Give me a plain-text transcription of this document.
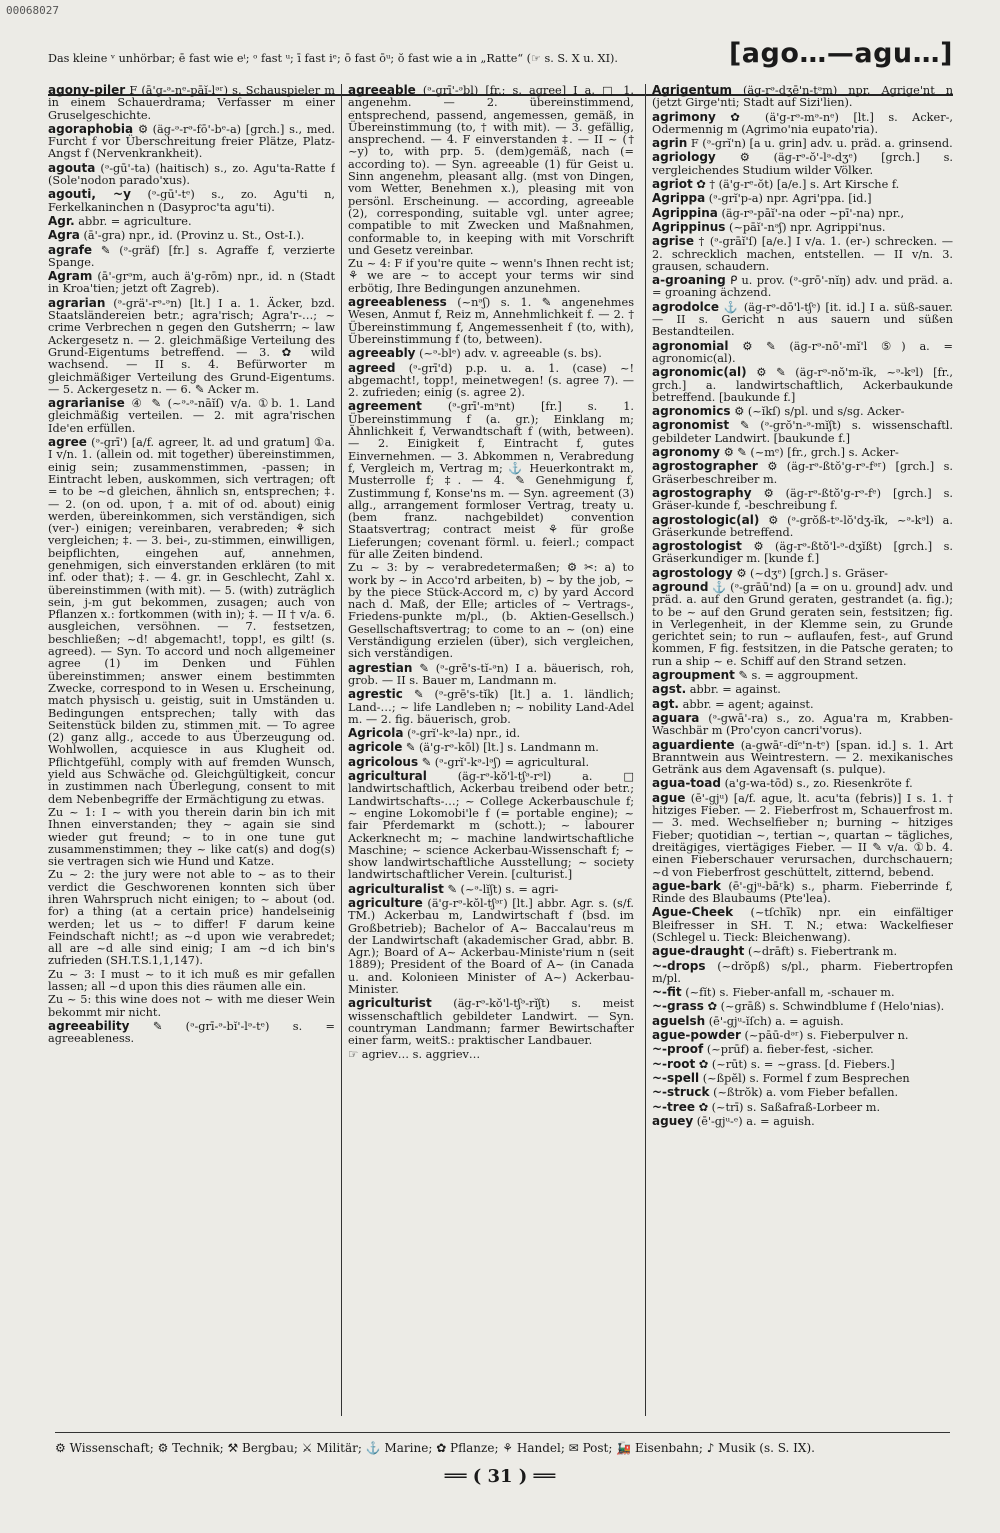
00068027
Das kleine ᵛ unhörbar; ē fast wie eⁱ; ᵒ fast ᵘ; ī fast iᵉ; ō fast ōᵘ; ŏ fast wie a in „Ratte“ (☞ s. S. X u. XI).	[ago…—agu…]
agony-piler F (ā'g-ᵊ-nᵉ-pāĭ-lᵊʳ) s. Schauspieler m in einem Schauerdrama; Verfasser m einer Gruselgeschichte.
agoraphobia ⚙ (äg-ᵊ-rᵊ-fō'-bᵉ-a) [grch.] s., med. Furcht f vor Überschreitung freier Plätze, Platz-Angst f (Nervenkrankheit).
agouta (ᵊ-gū'-ta) (haitisch) s., zo. Agu'ta-Ratte f (Sole'nodon parado'xus).
agouti, ~y (ᵊ-gū'-tᵉ) s., zo. Agu'ti n, Ferkelkaninchen n (Dasyproc'ta agu'ti).
Agr. abbr. = agriculture.
Agra (ā'-gra) npr., id. (Provinz u. St., Ost-I.).
agrafe ✎ (ᵊ-gräf) [fr.] s. Agraffe f, verzierte Spange.
Agram (ā'-grᵊm, auch ä'g-rōm) npr., id. n (Stadt in Kroa'tien; jetzt oft Zagreb).
agrarian (ᵊ-grä'-rᵊ-ᵊn) [lt.] I a. 1. Äcker, bzd. Staatsländereien betr.; agra'risch; Agra'r-…; ~ crime Verbrechen n gegen den Gutsherrn; ~ law Ackergesetz n. — 2. gleichmäßige Verteilung des Grund-Eigentums betreffend. — 3. ✿ wild wachsend. — II s. 4. Befürworter m gleichmäßiger Verteilung des Grund-Eigentums. — 5. Ackergesetz n. — 6. ✎ Acker m.
agrarianise ④ ✎ (~ᵊ-ᵊ-nāĭſ) v/a. ①b. 1. Land gleichmäßig verteilen. — 2. mit agra'rischen Ide'en erfüllen.
agree (ᵊ-grī') [a/f. agreer, lt. ad und gratum] ①a. I v/n. 1. (allein od. mit together) übereinstimmen, einig sein; zusammenstimmen, -passen; in Eintracht leben, auskommen, sich vertragen; oft = to be ~d gleichen, ähnlich sn, entsprechen; ‡. — 2. (on od. upon, † a. mit of od. about) einig werden, übereinkommen, sich verständigen, sich (ver-) einigen; vereinbaren, verabreden; ⚘ sich vergleichen; ‡. — 3. bei-, zu-stimmen, einwilligen, beipflichten, eingehen auf, annehmen, genehmigen, sich einverstanden erklären (to mit inf. oder that); ‡. — 4. gr. in Geschlecht, Zahl x. übereinstimmen (with mit). — 5. (with) zuträglich sein, j-m gut bekommen, zusagen; auch von Pflanzen x.: fortkommen (with in); ‡. — II † v/a. 6. ausgleichen, versöhnen. — 7. festsetzen, beschließen; ~d! abgemacht!, topp!, es gilt! (s. agreed). — Syn. To accord und noch allgemeiner agree (1) im Denken und Fühlen übereinstimmen; answer einem bestimmten Zwecke, correspond to in Wesen u. Erscheinung, match physisch u. geistig, suit in Umständen u. Bedingungen entsprechen; tally with das Seitenstück bilden zu, stimmen mit. — To agree (2) ganz allg., accede to aus Überzeugung od. Wohlwollen, acquiesce in aus Klugheit od. Pflichtgefühl, comply with auf fremden Wunsch, yield aus Schwäche od. Gleichgültigkeit, concur in zustimmen nach Überlegung, consent to mit dem Nebenbegriffe der Ermächtigung zu etwas.
Zu ~ 1: I ~ with you therein darin bin ich mit Ihnen einverstanden; they ~ again sie sind wieder gut freund; ~ to in one tune gut zusammenstimmen; they ~ like cat(s) and dog(s) sie vertragen sich wie Hund und Katze.
Zu ~ 2: the jury were not able to ~ as to their verdict die Geschworenen konnten sich über ihren Wahrspruch nicht einigen; to ~ about (od. for) a thing (at a certain price) handelseinig werden; let us ~ to differ! F darum keine Feindschaft nicht!; as ~d upon wie verabredet; all are ~d alle sind einig; I am ~d ich bin's zufrieden (SH.T.S.1,1,147).
Zu ~ 3: I must ~ to it ich muß es mir gefallen lassen; all ~d upon this dies räumen alle ein.
Zu ~ 5: this wine does not ~ with me dieser Wein bekommt mir nicht.
agreeability ✎ (ᵊ-grī-ᵊ-bĭ'-lᵊ-tᵉ) s. = agreeableness.
agreeable (ᵊ-grī'-ᵊbl) [fr.; s. agree] I a. □ 1. angenehm. — 2. übereinstimmend, entsprechend, passend, angemessen, gemäß, in Übereinstimmung (to, † with mit). — 3. gefällig, ansprechend. — 4. F einverstanden ‡. — II ~ († ~y) to, with prp. 5. (dem)gemäß, nach (= according to). — Syn. agreeable (1) für Geist u. Sinn angenehm, pleasant allg. (mst von Dingen, vom Wetter, Benehmen x.), pleasing mit von persönl. Erscheinung. — according, agreeable (2), corresponding, suitable vgl. unter agree; compatible to mit Zwecken und Maßnahmen, conformable to, in keeping with mit Vorschrift und Gesetz vereinbar.
Zu ~ 4: F if you're quite ~ wenn's Ihnen recht ist; ⚘ we are ~ to accept your terms wir sind erbötig, Ihre Bedingungen anzunehmen.
agreeableness (~nᵊʃ) s. 1. ✎ angenehmes Wesen, Anmut f, Reiz m, Annehmlichkeit f. — 2. † Übereinstimmung f, Angemessenheit f (to, with), Übereinstimmung f (to, between).
agreeably (~ᵊ-blᵉ) adv. v. agreeable (s. bs).
agreed (ᵊ-grī'd) p.p. u. a. 1. (case) ~! abgemacht!, topp!, meinetwegen! (s. agree 7). — 2. zufrieden; einig (s. agree 2).
agreement (ᵊ-grī'-mᵊnt) [fr.] s. 1. Übereinstimmung f (a. gr.); Einklang m; Ähnlichkeit f, Verwandtschaft f (with, between). — 2. Einigkeit f, Eintracht f, gutes Einvernehmen. — 3. Abkommen n, Verabredung f, Vergleich m, Vertrag m; ⚓ Heuerkontrakt m, Musterrolle f; ‡. — 4. ✎ Genehmigung f, Zustimmung f, Konse'ns m. — Syn. agreement (3) allg., arrangement formloser Vertrag, treaty u. (bem franz. nachgebildet) convention Staatsvertrag; contract meist ⚘ für große Lieferungen; covenant förml. u. feierl.; compact für alle Zeiten bindend.
Zu ~ 3: by ~ verabredetermaßen; ⚙ ✂: a) to work by ~ in Acco'rd arbeiten, b) ~ by the job, ~ by the piece Stück-Accord m, c) by yard Accord nach d. Maß, der Elle; articles of ~ Vertrags-, Friedens-punkte m/pl., (b. Aktien-Gesellsch.) Gesellschaftsvertrag; to come to an ~ (on) eine Verständigung erzielen (über), sich vergleichen, sich verständigen.
agrestian ✎ (ᵊ-grē's-tĭ-ᵊn) I a. bäuerisch, roh, grob. — II s. Bauer m, Landmann m.
agrestic ✎ (ᵊ-grē's-tĭk) [lt.] a. 1. ländlich; Land-…; ~ life Landleben n; ~ nobility Land-Adel m. — 2. fig. bäuerisch, grob.
Agricola (ᵊ-grĭ'-kᵊ-la) npr., id.
agricole ✎ (ä'g-rᵊ-kōl) [lt.] s. Landmann m.
agricolous ✎ (ᵊ-grĭ'-kᵊ-lᵊʃ) = agricultural.
agricultural	(äg-rᵊ-kŏ'l-tʃᵊ-rᵊl) a. □ landwirtschaftlich, Ackerbau treibend oder betr.; Landwirtschafts-…; ~ College Ackerbauschule f; ~ engine Lokomobi'le f (= portable engine); ~ fair Pferdemarkt m (schott.); ~ labourer Ackerknecht m; ~ machine landwirtschaftliche Maschine; ~ science Ackerbau-Wissenschaft f; ~ show landwirtschaftliche Ausstellung; ~ society landwirtschaftlicher Verein. [culturist.]
agriculturalist ✎ (~ᵊ-lĭʃt) s. = agri-
agriculture (ä'g-rᵊ-kŏl-tʃᵊʳ) [lt.] abbr. Agr. s. (s/f. TM.) Ackerbau m, Landwirtschaft f (bsd. im Großbetrieb); Bachelor of A~ Baccalau'reus m der Landwirtschaft (akademischer Grad, abbr. B. Agr.); Board of A~ Ackerbau-Ministe'rium n (seit 1889); President of the Board of A~ (in Canada u. and. Kolonieen Minister of A~) Ackerbau-Minister.
agriculturist (äg-rᵊ-kŏ'l-tʃᵊ-rĭʃt) s. meist wissenschaftlich gebildeter Landwirt. — Syn. countryman Landmann; farmer Bewirtschafter einer farm, weitS.: praktischer Landbauer.
☞ agriev… s. aggriev…
Agrigentum (äg-rᵊ-dʒē'n-tᵊm) npr. Agrige'nt n (jetzt Girge'nti; Stadt auf Sizi'lien).
agrimony ✿ (ä'g-rᵊ-mᵊ-nᵉ) [lt.] s. Acker-, Odermennig m (Agrimo'nia eupato'ria).
agrin F (ᵊ-grĭ'n) [a u. grin] adv. u. präd. a. grinsend.
agriology ⚙ (äg-rᵊ-ŏ'-lᵊ-dʒᵉ) [grch.] s. vergleichendes Studium wilder Völker.
agriot ✿ † (ä'g-rᵉ-ŏt) [a/e.] s. Art Kirsche f.
Agrippa (ᵊ-grĭ'p-a) npr. Agri'ppa. [id.]
Agrippina (äg-rᵊ-pāĭ'-na oder ~pī'-na) npr.,
Agrippinus (~pāĭ'-nᵊʃ) npr. Agrippi'nus.
agrise † (ᵊ-grāĭ'ſ) [a/e.] I v/a. 1. (er-) schrecken. — 2. schrecklich machen, entstellen. — II v/n. 3. grausen, schaudern.
a-groaning ᑭ u. prov. (ᵊ-grō'-nĭŋ) adv. und präd. a. = groaning ächzend.
agrodolce ⚓ (äg-rᵊ-dō'l-tʃᵉ) [it. id.] I a. süß-sauer. — II s. Gericht n aus sauern und süßen Bestandteilen.
agronomial ⚙ ✎ (äg-rᵊ-nō'-mĭ'l ⑤) a. = agronomic(al).
agronomic(al) ⚙ ✎ (äg-rᵊ-nŏ'm-ĭk, ~ᵊ-kᵊl) [fr., grch.] a. landwirtschaftlich, Ackerbaukunde betreffend. [baukunde f.]
agronomics ⚙ (~ĭkſ) s/pl. und s/sg. Acker-
agronomist ✎ (ᵊ-grŏ'n-ᵊ-mĭʃt) s. wissenschaftl. gebildeter Landwirt. [baukunde f.]
agronomy ⚙ ✎ (~mᵉ) [fr., grch.] s. Acker-
agrostographer ⚙ (äg-rᵊ-ßtŏ'g-rᵊ-fᵊʳ) [grch.] s. Gräserbeschreiber m.
agrostography ⚙ (äg-rᵊ-ßtŏ'g-rᵊ-fᵉ) [grch.] s. Gräser-kunde f, -beschreibung f.
agrostologic(al) ⚙ (ᵊ-grŏß-tᵊ-lŏ'dʒ-ĭk, ~ᵊ-kᵊl) a. Gräserkunde betreffend.
agrostologist ⚙ (äg-rᵊ-ßtŏ'l-ᵊ-dʒĭßt) [grch.] s. Gräserkundiger m. [kunde f.]
agrostology ⚙ (~dʒᵉ) [grch.] s. Gräser-
aground ⚓ (ᵊ-grāū'nd) [a = on u. ground] adv. und präd. a. auf den Grund geraten, gestrandet (a. fig.); to be ~ auf den Grund geraten sein, festsitzen; fig. in Verlegenheit, in der Klemme sein, zu Grunde gerichtet sein; to run ~ auflaufen, fest-, auf Grund kommen, F fig. festsitzen, in die Patsche geraten; to run a ship ~ e. Schiff auf den Strand setzen.
agroupment ✎ s. = aggroupment.
agst. abbr. = against.
agt. abbr. = agent; against.
aguara (ᵊ-gwā'-ra) s., zo. Agua'ra m, Krabben-Waschbär m (Pro'cyon cancri'vorus).
aguardiente (a-gwāʳ-dĭᵉ'n-tᵉ) [span. id.] s. 1. Art Branntwein aus Weintrestern. — 2. mexikanisches Getränk aus dem Agavensaft (s. pulque).
agua-toad (a'g-wa-tōd) s., zo. Riesenkröte f.
ague (ē'-gjᵘ) [a/f. ague, lt. acu'ta (febris)] I s. 1. † hitziges Fieber. — 2. Fieberfrost m, Schauerfrost m. — 3. med. Wechselfieber n; burning ~ hitziges Fieber; quotidian ~, tertian ~, quartan ~ tägliches, dreitägiges, viertägiges Fieber. — II ✎ v/a. ①b. 4. einen Fieberschauer verursachen, durchschauern; ~d von Fieberfrost geschüttelt, zitternd, bebend.
ague-bark (ē'-gjᵘ-bāʳk) s., pharm. Fieberrinde f, Rinde des Blaubaums (Pte'lea).
Ague-Cheek (~tſchīk) npr. ein einfältiger Bleifresser in SH. T. N.; etwa: Wackelfieser (Schlegel u. Tieck: Bleichenwang).
ague-draught (~drāft) s. Fiebertrank m.
~-drops (~drŏpß) s/pl., pharm. Fiebertropfen m/pl.
~-fit (~fĭt) s. Fieber-anfall m, -schauer m.
~-grass ✿ (~grāß) s. Schwindblume f (Helo'nias).
aguelsh (ē'-gjᵘ-ĭſch) a. = aguish.
ague-powder (~pāū-dᵊʳ) s. Fieberpulver n.
~-proof (~prūf) a. fieber-fest, -sicher.
~-root ✿ (~rūt) s. = ~grass. [d. Fiebers.]
~-spell (~ßpĕl) s. Formel f zum Besprechen
~-struck (~ßtrŏk) a. vom Fieber befallen.
~-tree ✿ (~trī) s. Saßafraß-Lorbeer m.
aguey (ē'-gjᵘ-ᵉ) a. = aguish.
⚙ Wissenschaft; ⚙ Technik; ⚒ Bergbau; ⚔ Militär; ⚓ Marine; ✿ Pflanze; ⚘ Handel; ✉ Post; 🚂 Eisenbahn; ♪ Musik (s. S. IX).
══ ( 31 ) ══
